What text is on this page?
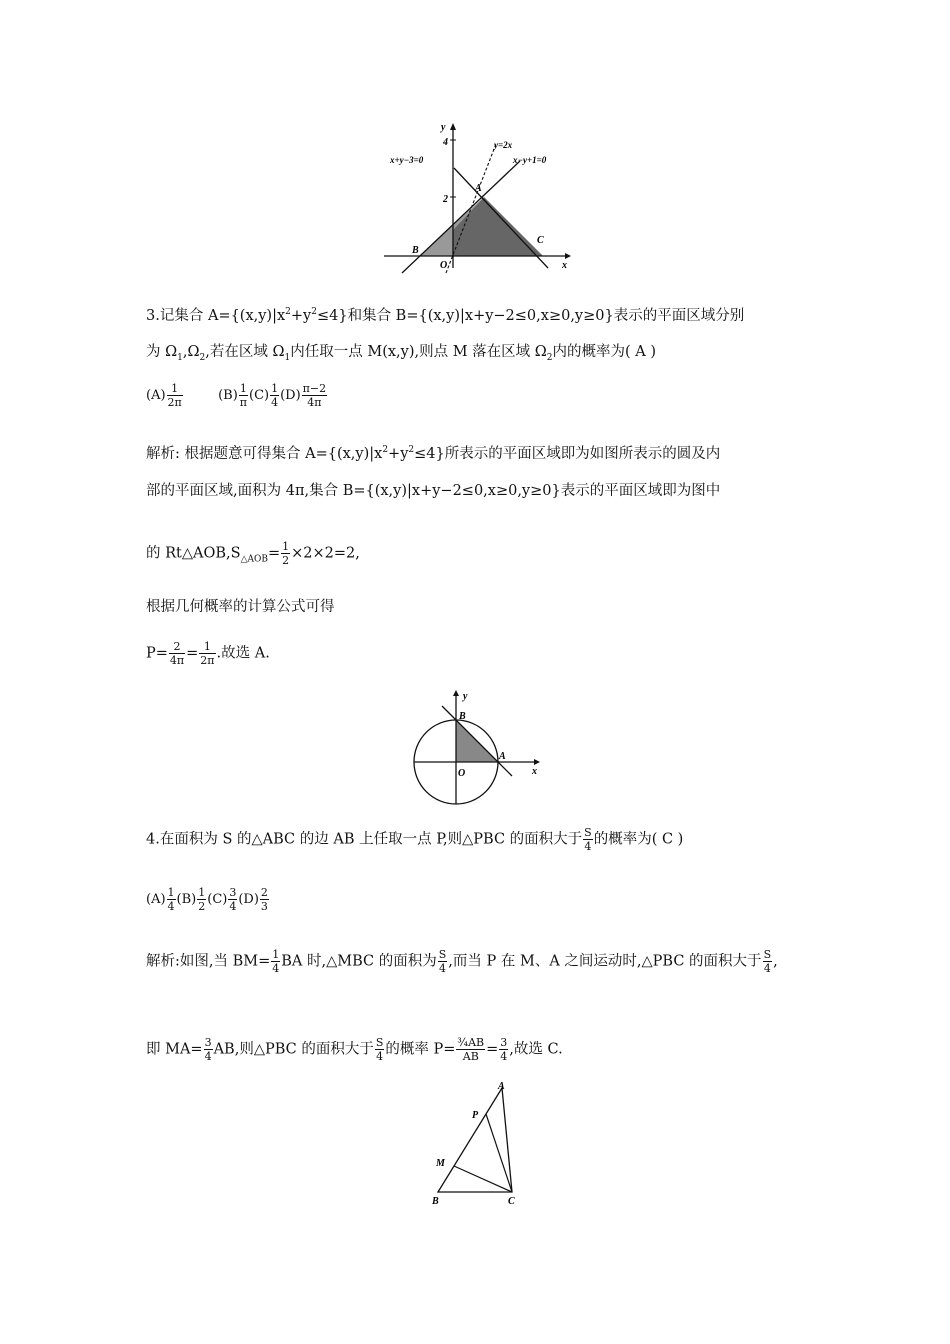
y
x
4
2
x+y−3=0
y=2x
x−y+1=0
A
B
C
O
3.记集合 $A=\{(x,y)|x^2+y^2\le 4\}$和集合 B={(x,y)|x+y−2≤0,x≥0,y≥0}表示的平面区域分别
为 $\Omega_1,\Omega_2$,若在区域 $\Omega_1$内任取一点 M(x,y),则点 M 落在区域 $\Omega_2$内的概率为( A )
$(A) \frac{1}{2\pi}$	$(B) \frac{1}{\pi} (C) \frac{1}{4} (D) \frac{\pi-2}{4\pi}$
解析: 根据题意可得集合 $A=\{(x,y)|x^2+y^2\le 4\}$所表示的平面区域即为如图所表示的圆及内
部的平面区域,面积为 4π,集合 B={(x,y)|x+y−2≤0,x≥0,y≥0}表示的平面区域即为图中
的 $Rt\triangle AOB,S_{\triangle AOB}= \frac{1}{2} \times 2\times 2=2$,
根据几何概率的计算公式可得
$P= \frac{2}{4\pi} = \frac{1}{2\pi}$ .故选 A.
y
x
B
A
O
4.在面积为 S 的△ABC 的边 AB 上任取一点 P,则△PBC 的面积大于 $\frac{S}{4}$ 的概率为( C )
$(A) \frac{1}{4} (B) \frac{1}{2} (C) \frac{3}{4} (D) \frac{2}{3}$
解析:如图,当 $BM= \frac{1}{4}$ BA 时,△MBC 的面积为 $\frac{S}{4}$ ,而当 P 在 M、A 之间运动时,△PBC 的面积大于 $\frac{S}{4}$ ,
即 $MA= \frac{3}{4}$ AB,则△PBC 的面积大于 $\frac{S}{4}$ 的概率 $P= \frac{\text{¾AB}}{AB} = \frac{3}{4}$ ,故选 C.
A
P
M
B	C
